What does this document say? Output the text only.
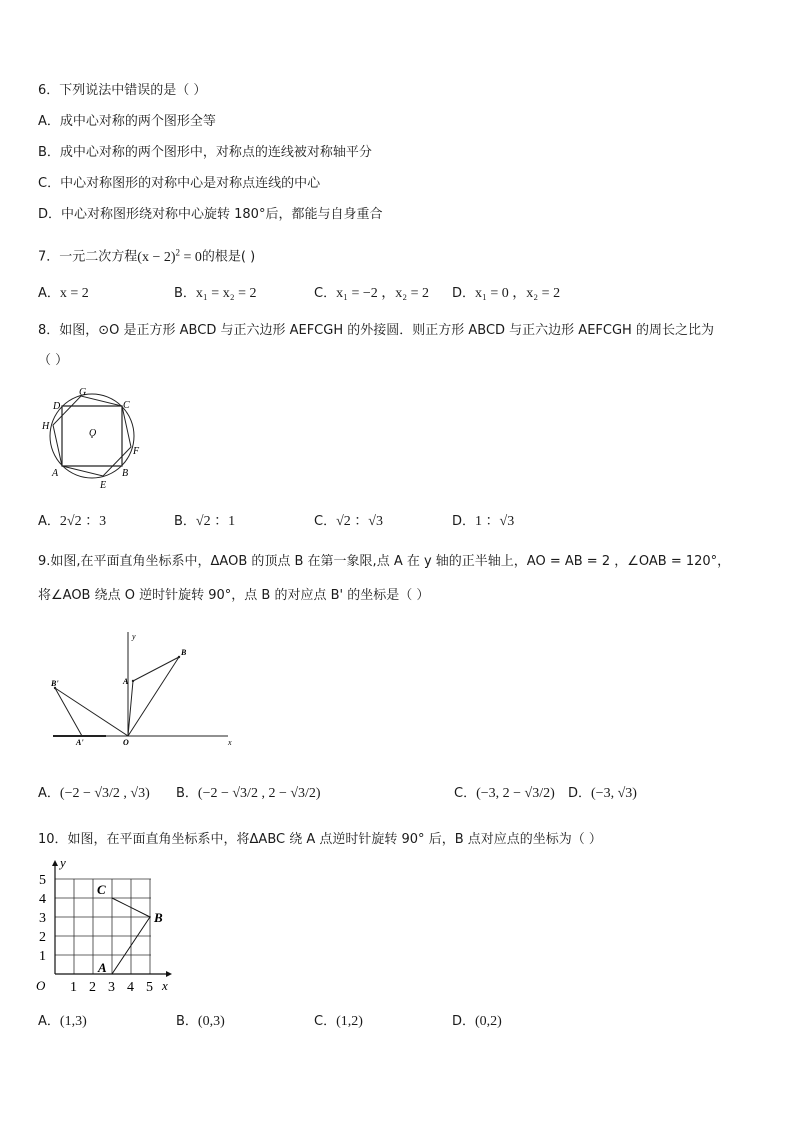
6．下列说法中错误的是（ ）
A．成中心对称的两个图形全等
B．成中心对称的两个图形中，对称点的连线被对称轴平分
C．中心对称图形的对称中心是对称点连线的中心
D．中心对称图形绕对称中心旋转 180°后，都能与自身重合
7．一元二次方程$(x - 2)^2 = 0$的根是( )
A．x = 2	B．x₁ = x₂ = 2	C．x₁ = −2 ，x₂ = 2 D．x₁ = 0 ，x₂ = 2
8．如图，⊙O 是正方形 ABCD 与正六边形 AEFCGH 的外接圆．则正方形 ABCD 与正六边形 AEFCGH 的周长之比为
（ ）
G
D	C
H
O
F
A
E
B
A．2√2 ：3	B．√2 ：1	C．√2 ：√3	D．1 ：√3
9.如图,在平面直角坐标系中，ΔAOB 的顶点 B 在第一象限,点 A 在 y 轴的正半轴上，AO = AB = 2 ，∠OAB = 120°，
将∠AOB 绕点 O 逆时针旋转 90°，点 B 的对应点 B' 的坐标是（ ）
y
B
A
B'
A'	O	x
A．(−2 − √3/2 , √3) B．(−2 − √3/2 , 2 − √3/2)	C．(−3, 2 − √3/2) D．(−3, √3)
10．如图，在平面直角坐标系中，将ΔABC 绕 A 点逆时针旋转 90° 后，B 点对应点的坐标为（ ）
y
x
O
5
4
3
2
1
1 2 3 4 5
C
B
A
A．(1,3)	B．(0,3)	C．(1,2)	D．(0,2)
